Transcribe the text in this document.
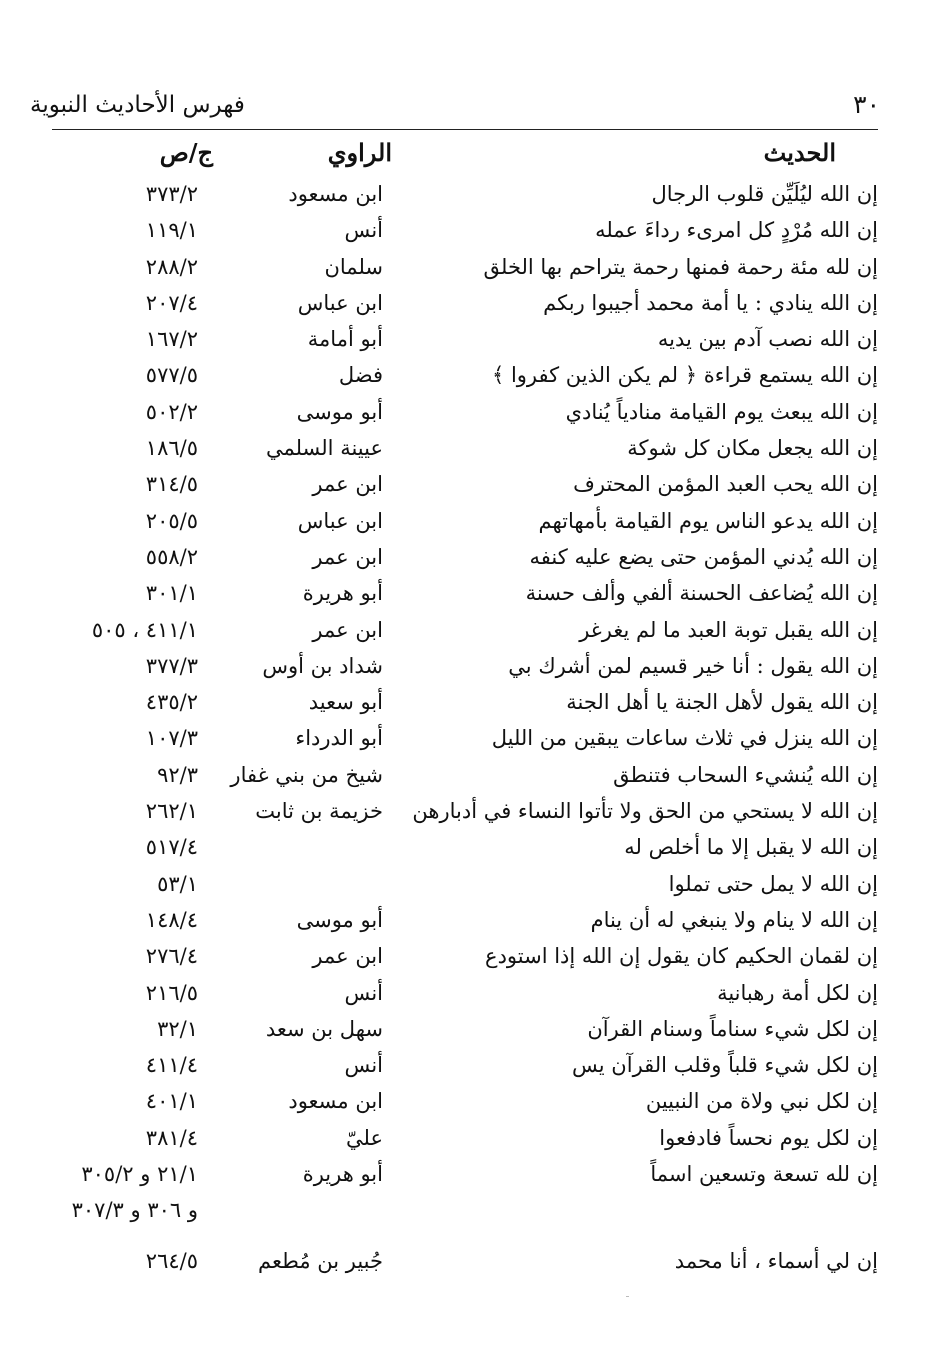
٣٠
فهرس الأحاديث النبوية
الحديث
الراوي
ج/ص
إن الله ليُلَيِّن قلوب الرجال
ابن مسعود
٣٧٣/٢
إن الله مُرْدٍ كل امرىء رداءَ عمله
أنس
١١٩/١
إن لله مئة رحمة فمنها رحمة يتراحم بها الخلق
سلمان
٢٨٨/٢
إن الله ينادي : يا أمة محمد أجيبوا ربكم
ابن عباس
٢٠٧/٤
إن الله نصب آدم بين يديه
أبو أمامة
١٦٧/٢
إن الله يستمع قراءة ﴿ لم يكن الذين كفروا ﴾
فضل
٥٧٧/٥
إن الله يبعث يوم القيامة منادياً يُنادي
أبو موسى
٥٠٢/٢
إن الله يجعل مكان كل شوكة
عيينة السلمي
١٨٦/٥
إن الله يحب العبد المؤمن المحترف
ابن عمر
٣١٤/٥
إن الله يدعو الناس يوم القيامة بأمهاتهم
ابن عباس
٢٠٥/٥
إن الله يُدني المؤمن حتى يضع عليه كنفه
ابن عمر
٥٥٨/٢
إن الله يُضاعف الحسنة ألفي وألف حسنة
أبو هريرة
٣٠١/١
إن الله يقبل توبة العبد ما لم يغرغر
ابن عمر
٤١١/١ ، ٥٠٥
إن الله يقول : أنا خير قسيم لمن أشرك بي
شداد بن أوس
٣٧٧/٣
إن الله يقول لأهل الجنة يا أهل الجنة
أبو سعيد
٤٣٥/٢
إن الله ينزل في ثلاث ساعات يبقين من الليل
أبو الدرداء
١٠٧/٣
إن الله يُنشيء السحاب فتنطق
شيخ من بني غفار
٩٢/٣
إن الله لا يستحي من الحق ولا تأتوا النساء في أدبارهن
خزيمة بن ثابت
٢٦٢/١
إن الله لا يقبل إلا ما أخلص له
٥١٧/٤
إن الله لا يمل حتى تملوا
٥٣/١
إن الله لا ينام ولا ينبغي له أن ينام
أبو موسى
١٤٨/٤
إن لقمان الحكيم كان يقول إن الله إذا استودع
ابن عمر
٢٧٦/٤
إن لكل أمة رهبانية
أنس
٢١٦/٥
إن لكل شيء سناماً وسنام القرآن
سهل بن سعد
٣٢/١
إن لكل شيء قلباً وقلب القرآن يس
أنس
٤١١/٤
إن لكل نبي ولاة من النبيين
ابن مسعود
٤٠١/١
إن لكل يوم نحساً فادفعوا
عليّ
٣٨١/٤
إن لله تسعة وتسعين اسماً
أبو هريرة
٢١/١ و ٣٠٥/٢
و ٣٠٦ و ٣٠٧/٣
إن لي أسماء ، أنا محمد
جُبير بن مُطعم
٢٦٤/٥
